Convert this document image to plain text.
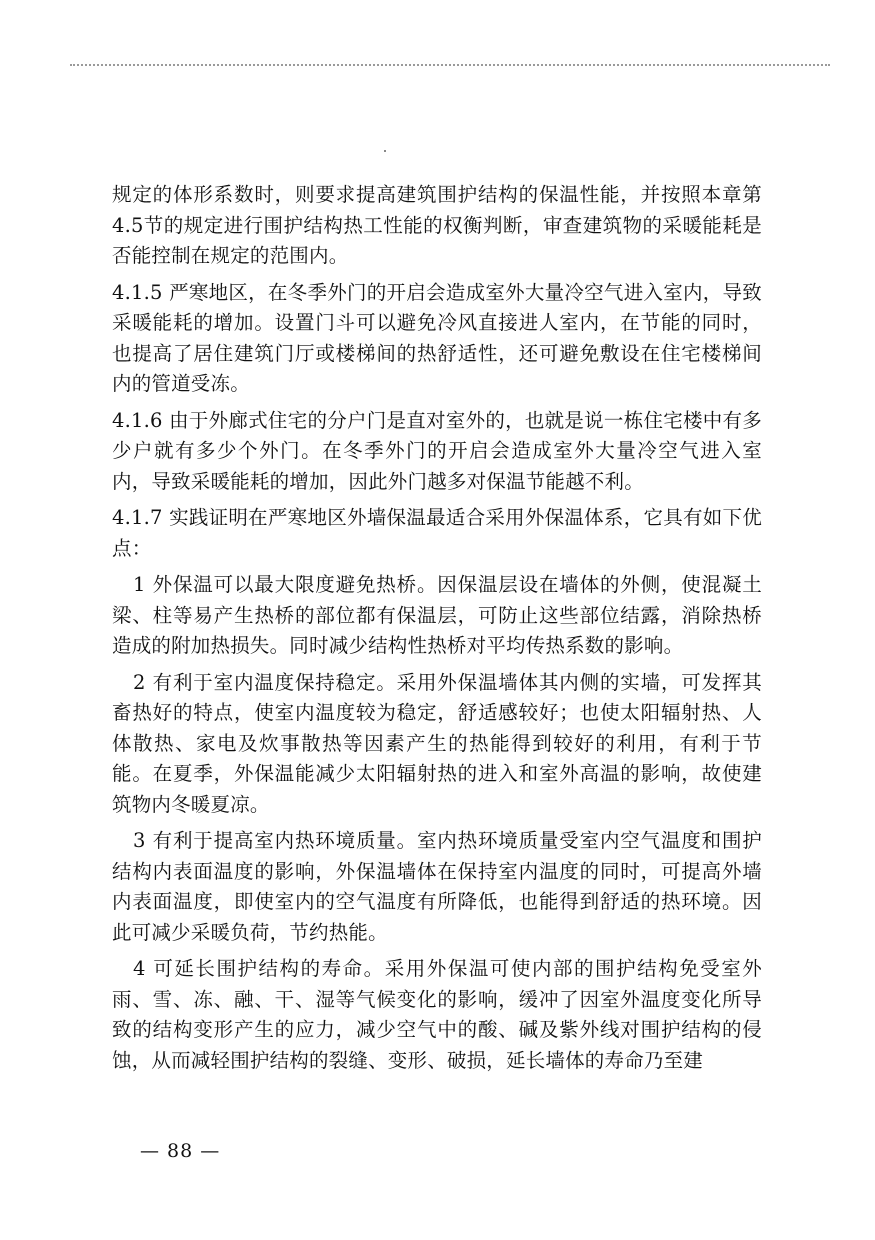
规定的体形系数时，则要求提高建筑围护结构的保温性能，并按照本章第4.5节的规定进行围护结构热工性能的权衡判断，审查建筑物的采暖能耗是否能控制在规定的范围内。

4.1.5 严寒地区，在冬季外门的开启会造成室外大量冷空气进入室内，导致采暖能耗的增加。设置门斗可以避免冷风直接进人室内，在节能的同时，也提高了居住建筑门厅或楼梯间的热舒适性，还可避免敷设在住宅楼梯间内的管道受冻。

4.1.6 由于外廊式住宅的分户门是直对室外的，也就是说一栋住宅楼中有多少户就有多少个外门。在冬季外门的开启会造成室外大量冷空气进入室内，导致采暖能耗的增加，因此外门越多对保温节能越不利。

4.1.7 实践证明在严寒地区外墙保温最适合采用外保温体系，它具有如下优点：

1 外保温可以最大限度避免热桥。因保温层设在墙体的外侧，使混凝土梁、柱等易产生热桥的部位都有保温层，可防止这些部位结露，消除热桥造成的附加热损失。同时减少结构性热桥对平均传热系数的影响。

2 有利于室内温度保持稳定。采用外保温墙体其内侧的实墙，可发挥其畜热好的特点，使室内温度较为稳定，舒适感较好；也使太阳辐射热、人体散热、家电及炊事散热等因素产生的热能得到较好的利用，有利于节能。在夏季，外保温能减少太阳辐射热的进入和室外高温的影响，故使建筑物内冬暖夏凉。

3 有利于提高室内热环境质量。室内热环境质量受室内空气温度和围护结构内表面温度的影响，外保温墙体在保持室内温度的同时，可提高外墙内表面温度，即使室内的空气温度有所降低，也能得到舒适的热环境。因此可减少采暖负荷，节约热能。

4 可延长围护结构的寿命。采用外保温可使内部的围护结构免受室外雨、雪、冻、融、干、湿等气候变化的影响，缓冲了因室外温度变化所导致的结构变形产生的应力，减少空气中的酸、碱及紫外线对围护结构的侵蚀，从而减轻围护结构的裂缝、变形、破损，延长墙体的寿命乃至建

— 88 —
